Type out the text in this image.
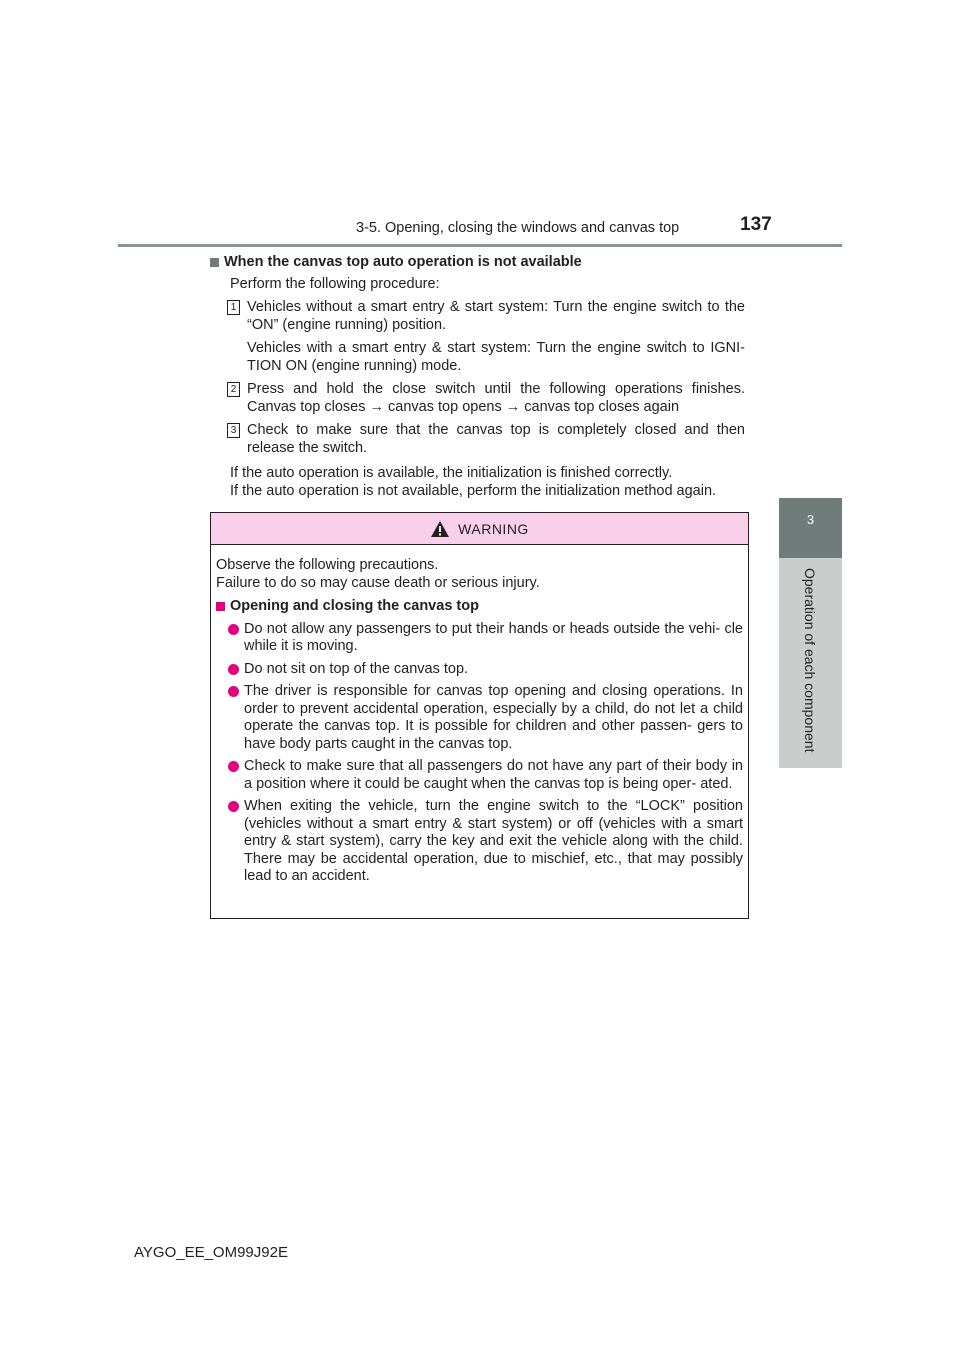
3-5. Opening, closing the windows and canvas top	137
3
Operation of each component
When the canvas top auto operation is not available
Perform the following procedure:
1 Vehicles without a smart entry & start system: Turn the engine switch to the “ON” (engine running) position.

Vehicles with a smart entry & start system: Turn the engine switch to IGNI- TION ON (engine running) mode.

2 Press and hold the close switch until the following operations finishes. Canvas top closes → canvas top opens → canvas top closes again

3 Check to make sure that the canvas top is completely closed and then release the switch.

If the auto operation is available, the initialization is finished correctly.
If the auto operation is not available, perform the initialization method again.
WARNING

Observe the following precautions.

Failure to do so may cause death or serious injury.

Opening and closing the canvas top
Do not allow any passengers to put their hands or heads outside the vehi- cle while it is moving.
Do not sit on top of the canvas top.
The driver is responsible for canvas top opening and closing operations. In order to prevent accidental operation, especially by a child, do not let a child operate the canvas top. It is possible for children and other passen- gers to have body parts caught in the canvas top.
Check to make sure that all passengers do not have any part of their body in a position where it could be caught when the canvas top is being oper- ated.
When exiting the vehicle, turn the engine switch to the “LOCK” position (vehicles without a smart entry & start system) or off (vehicles with a smart entry & start system), carry the key and exit the vehicle along with the child. There may be accidental operation, due to mischief, etc., that may possibly lead to an accident.
AYGO_EE_OM99J92E
